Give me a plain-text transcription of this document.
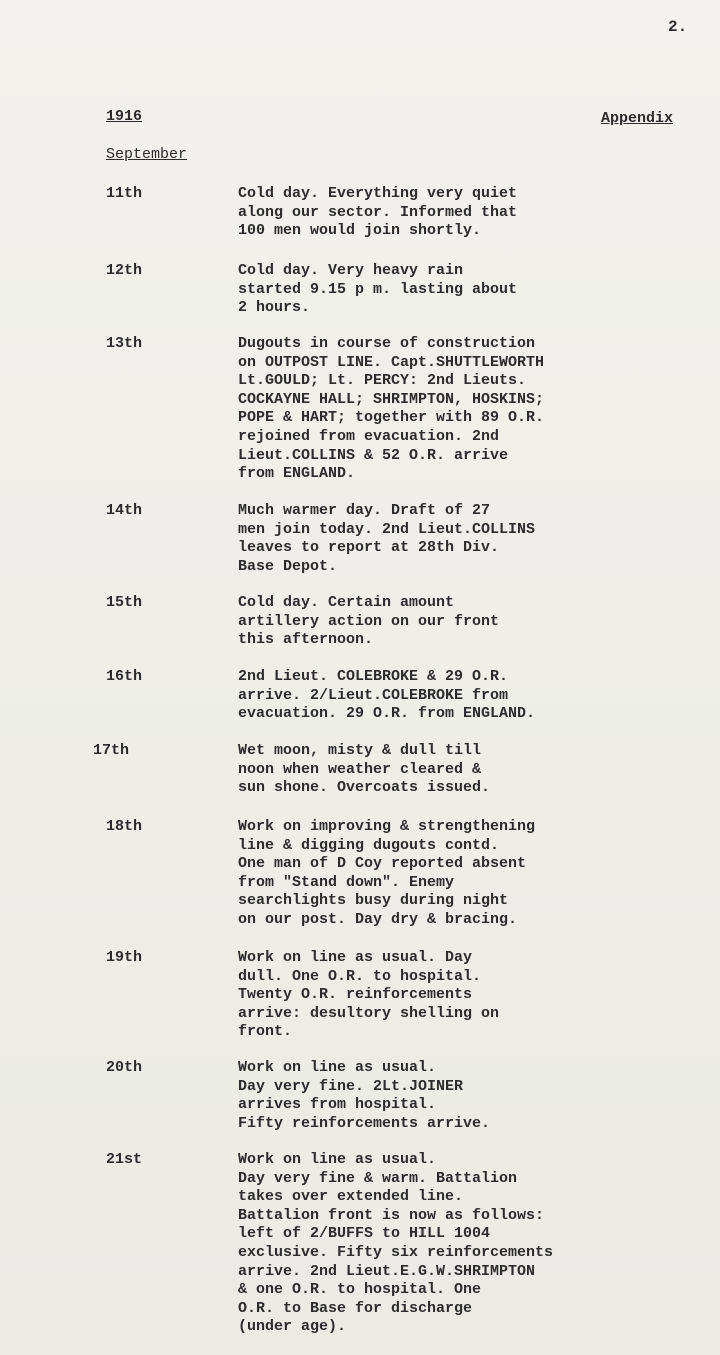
2.
1916	Appendix
September
11th	Cold day. Everything very quiet
along our sector. Informed that
100 men would join shortly.
12th	Cold day. Very heavy rain
started 9.15 p m. lasting about
2 hours.
13th	Dugouts in course of construction
on OUTPOST LINE. Capt.SHUTTLEWORTH
Lt.GOULD; Lt. PERCY: 2nd Lieuts.
COCKAYNE HALL; SHRIMPTON, HOSKINS;
POPE & HART; together with 89 O.R.
rejoined from evacuation. 2nd
Lieut.COLLINS & 52 O.R. arrive
from ENGLAND.
14th	Much warmer day. Draft of 27
men join today. 2nd Lieut.COLLINS
leaves to report at 28th Div.
Base Depot.
15th	Cold day. Certain amount
artillery action on our front
this afternoon.
16th	2nd Lieut. COLEBROKE & 29 O.R.
arrive. 2/Lieut.COLEBROKE from
evacuation. 29 O.R. from ENGLAND.
17th	Wet moon, misty & dull till
noon when weather cleared &
sun shone. Overcoats issued.
18th	Work on improving & strengthening
line & digging dugouts contd.
One man of D Coy reported absent
from "Stand down". Enemy
searchlights busy during night
on our post. Day dry & bracing.
19th	Work on line as usual. Day
dull. One O.R. to hospital.
Twenty O.R. reinforcements
arrive: desultory shelling on
front.
20th	Work on line as usual.
Day very fine. 2Lt.JOINER
arrives from hospital.
Fifty reinforcements arrive.
21st	Work on line as usual.
Day very fine & warm. Battalion
takes over extended line.
Battalion front is now as follows:
left of 2/BUFFS to HILL 1004
exclusive. Fifty six reinforcements
arrive. 2nd Lieut.E.G.W.SHRIMPTON
& one O.R. to hospital. One
O.R. to Base for discharge
(under age).
